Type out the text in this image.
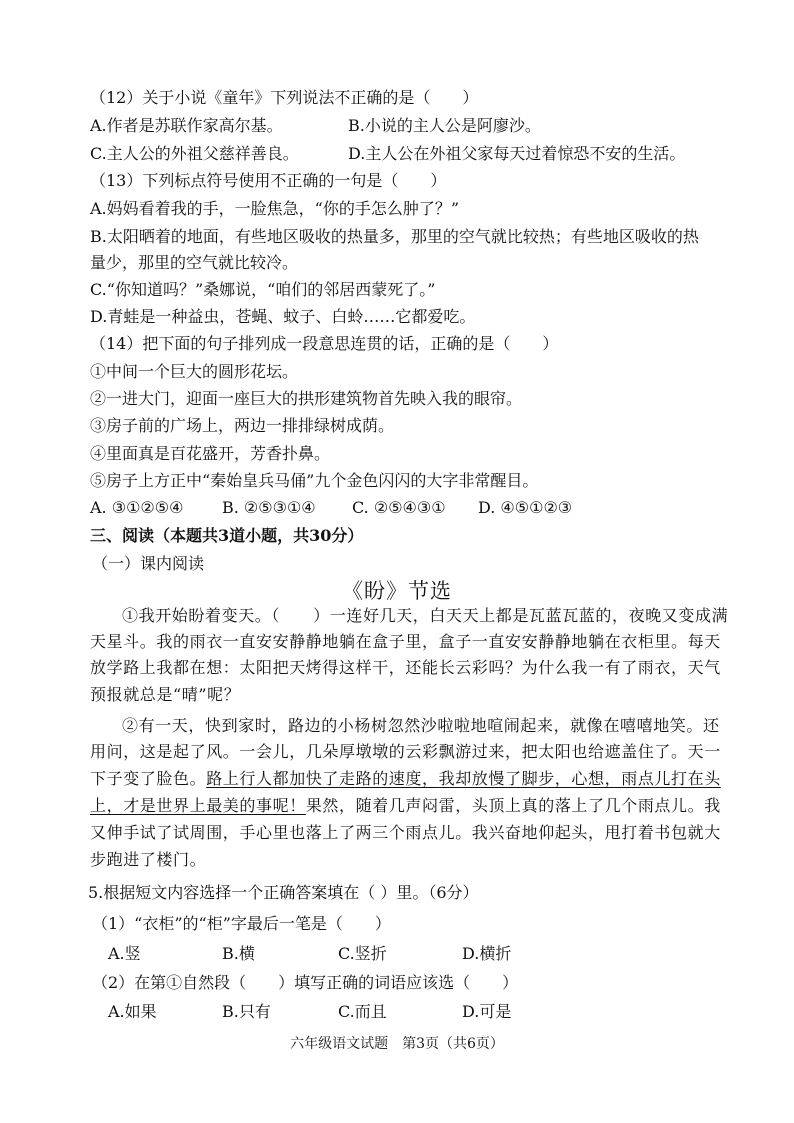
（12）关于小说《童年》下列说法不正确的是（　　）
A.作者是苏联作家高尔基。	B.小说的主人公是阿廖沙。
C.主人公的外祖父慈祥善良。	D.主人公在外祖父家每天过着惊恐不安的生活。
（13）下列标点符号使用不正确的一句是（　　）
A.妈妈看着我的手，一脸焦急，“你的手怎么肿了？”
B.太阳晒着的地面，有些地区吸收的热量多，那里的空气就比较热；有些地区吸收的热
量少，那里的空气就比较冷。
C.“你知道吗？”桑娜说，“咱们的邻居西蒙死了。”
D.青蛙是一种益虫，苍蝇、蚊子、白蛉……它都爱吃。
（14）把下面的句子排列成一段意思连贯的话，正确的是（　　）
①中间一个巨大的圆形花坛。
②一进大门，迎面一座巨大的拱形建筑物首先映入我的眼帘。
③房子前的广场上，两边一排排绿树成荫。
④里面真是百花盛开，芳香扑鼻。
⑤房子上方正中“秦始皇兵马俑”九个金色闪闪的大字非常醒目。
A. ③①②⑤④ B. ②⑤③①④ C. ②⑤④③① D. ④⑤①②③
三、阅读（本题共3道小题，共30分）
（一）课内阅读
《盼》节选
①我开始盼着变天。（　　）一连好几天，白天天上都是瓦蓝瓦蓝的，夜晚又变成满
天星斗。我的雨衣一直安安静静地躺在盒子里，盒子一直安安静静地躺在衣柜里。每天
放学路上我都在想：太阳把天烤得这样干，还能长云彩吗？为什么我一有了雨衣，天气
预报就总是“晴”呢？
②有一天，快到家时，路边的小杨树忽然沙啦啦地喧闹起来，就像在嘻嘻地笑。还
用问，这是起了风。一会儿，几朵厚墩墩的云彩飘游过来，把太阳也给遮盖住了。天一
下子变了脸色。路上行人都加快了走路的速度，我却放慢了脚步，心想，雨点儿打在头
上，才是世界上最美的事呢！果然，随着几声闷雷，头顶上真的落上了几个雨点儿。我
又伸手试了试周围，手心里也落上了两三个雨点儿。我兴奋地仰起头，甩打着书包就大
步跑进了楼门。
5.根据短文内容选择一个正确答案填在（ ）里。（6分）
（1）“衣柜”的“柜”字最后一笔是（　　）
A.竖	B.横	C.竖折	D.横折
（2）在第①自然段（　　）填写正确的词语应该选（　　）
A.如果	B.只有	C.而且	D.可是
六年级语文试题　第3页（共6页）
